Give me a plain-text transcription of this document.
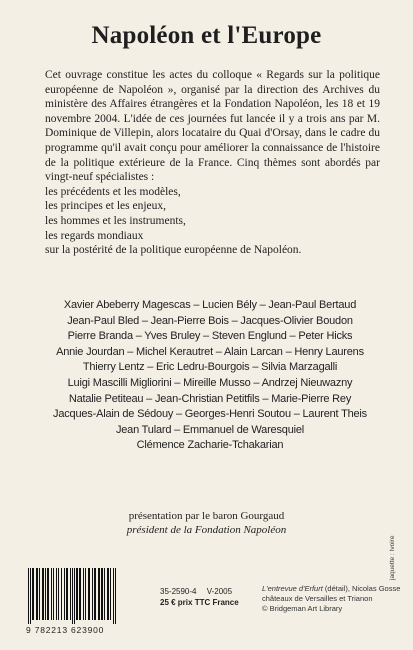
Napoléon et l'Europe
Cet ouvrage constitue les actes du colloque « Regards sur la politique européenne de Napoléon », organisé par la direction des Archives du ministère des Affaires étrangères et la Fondation Napoléon, les 18 et 19 novembre 2004. L'idée de ces journées fut lancée il y a trois ans par M. Dominique de Villepin, alors locataire du Quai d'Orsay, dans le cadre du programme qu'il avait conçu pour améliorer la connaissance de l'histoire de la politique extérieure de la France. Cinq thèmes sont abordés par vingt-neuf spécialistes :
les précédents et les modèles,
les principes et les enjeux,
les hommes et les instruments,
les regards mondiaux
sur la postérité de la politique européenne de Napoléon.
Xavier Abeberry Magescas – Lucien Bély – Jean-Paul Bertaud
Jean-Paul Bled – Jean-Pierre Bois – Jacques-Olivier Boudon
Pierre Branda – Yves Bruley – Steven Englund – Peter Hicks
Annie Jourdan – Michel Kerautret – Alain Larcan – Henry Laurens
Thierry Lentz – Eric Ledru-Bourgois – Silvia Marzagalli
Luigi Mascilli Migliorini – Mireille Musso – Andrzej Nieuwazny
Natalie Petiteau – Jean-Christian Petitfils – Marie-Pierre Rey
Jacques-Alain de Sédouy – Georges-Henri Soutou – Laurent Theis
Jean Tulard – Emmanuel de Waresquiel
Clémence Zacharie-Tchakarian
présentation par le baron Gourgaud
président de la Fondation Napoléon
9 782213 623900
35-2590-4 V-2005
25 € prix TTC France
L'entrevue d'Erfurt (détail), Nicolas Gosse
châteaux de Versailles et Trianon
© Bridgeman Art Library
jaquette : Ivoire
